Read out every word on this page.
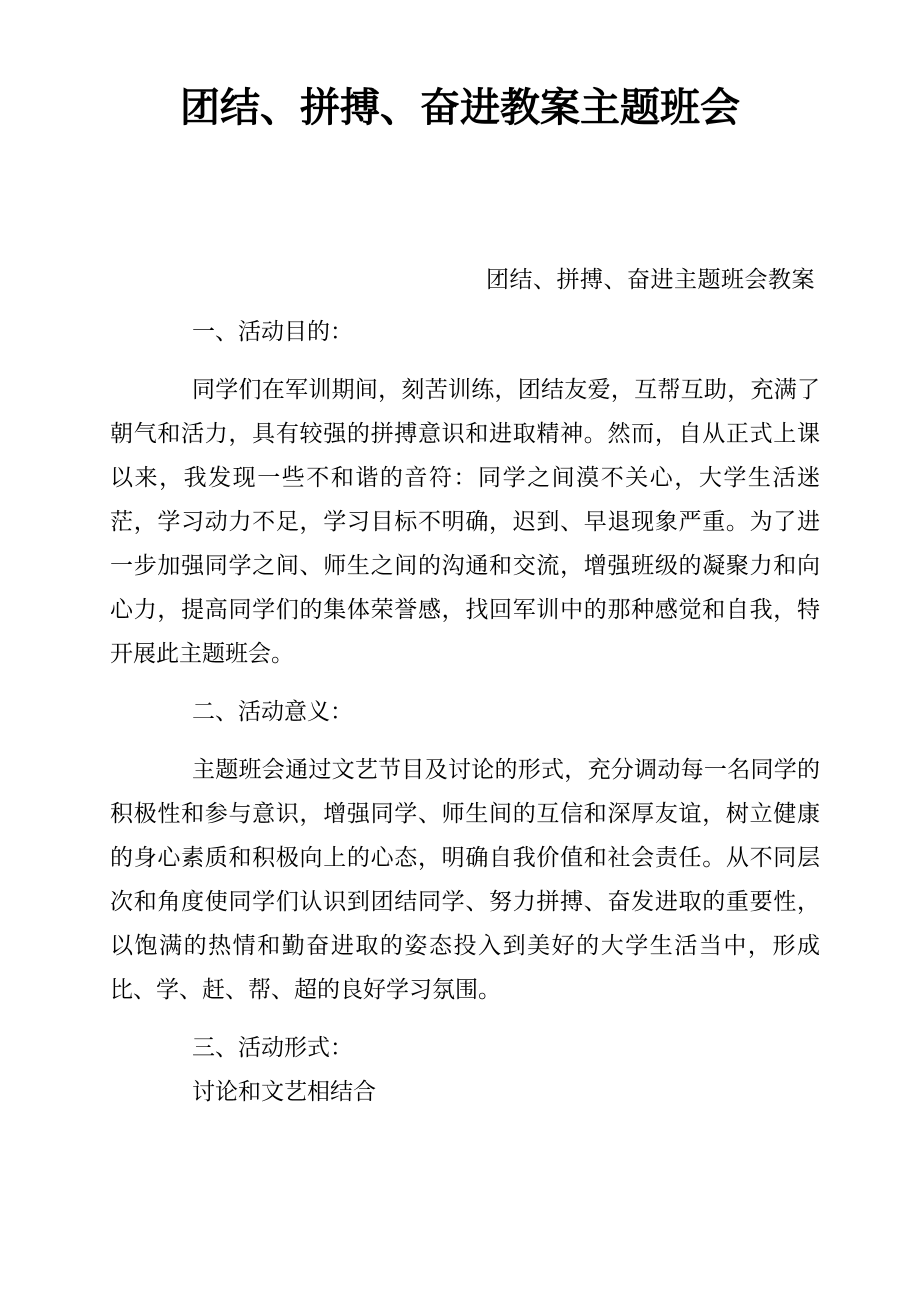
团结、拼搏、奋进教案主题班会

团结、拼搏、奋进主题班会教案

一、活动目的：

同学们在军训期间，刻苦训练，团结友爱，互帮互助，充满了朝气和活力，具有较强的拼搏意识和进取精神。然而，自从正式上课以来，我发现一些不和谐的音符：同学之间漠不关心，大学生活迷茫，学习动力不足，学习目标不明确，迟到、早退现象严重。为了进一步加强同学之间、师生之间的沟通和交流，增强班级的凝聚力和向心力，提高同学们的集体荣誉感，找回军训中的那种感觉和自我，特开展此主题班会。

二、活动意义：

主题班会通过文艺节目及讨论的形式，充分调动每一名同学的积极性和参与意识，增强同学、师生间的互信和深厚友谊，树立健康的身心素质和积极向上的心态，明确自我价值和社会责任。从不同层次和角度使同学们认识到团结同学、努力拼搏、奋发进取的重要性，以饱满的热情和勤奋进取的姿态投入到美好的大学生活当中，形成比、学、赶、帮、超的良好学习氛围。

三、活动形式：

讨论和文艺相结合
